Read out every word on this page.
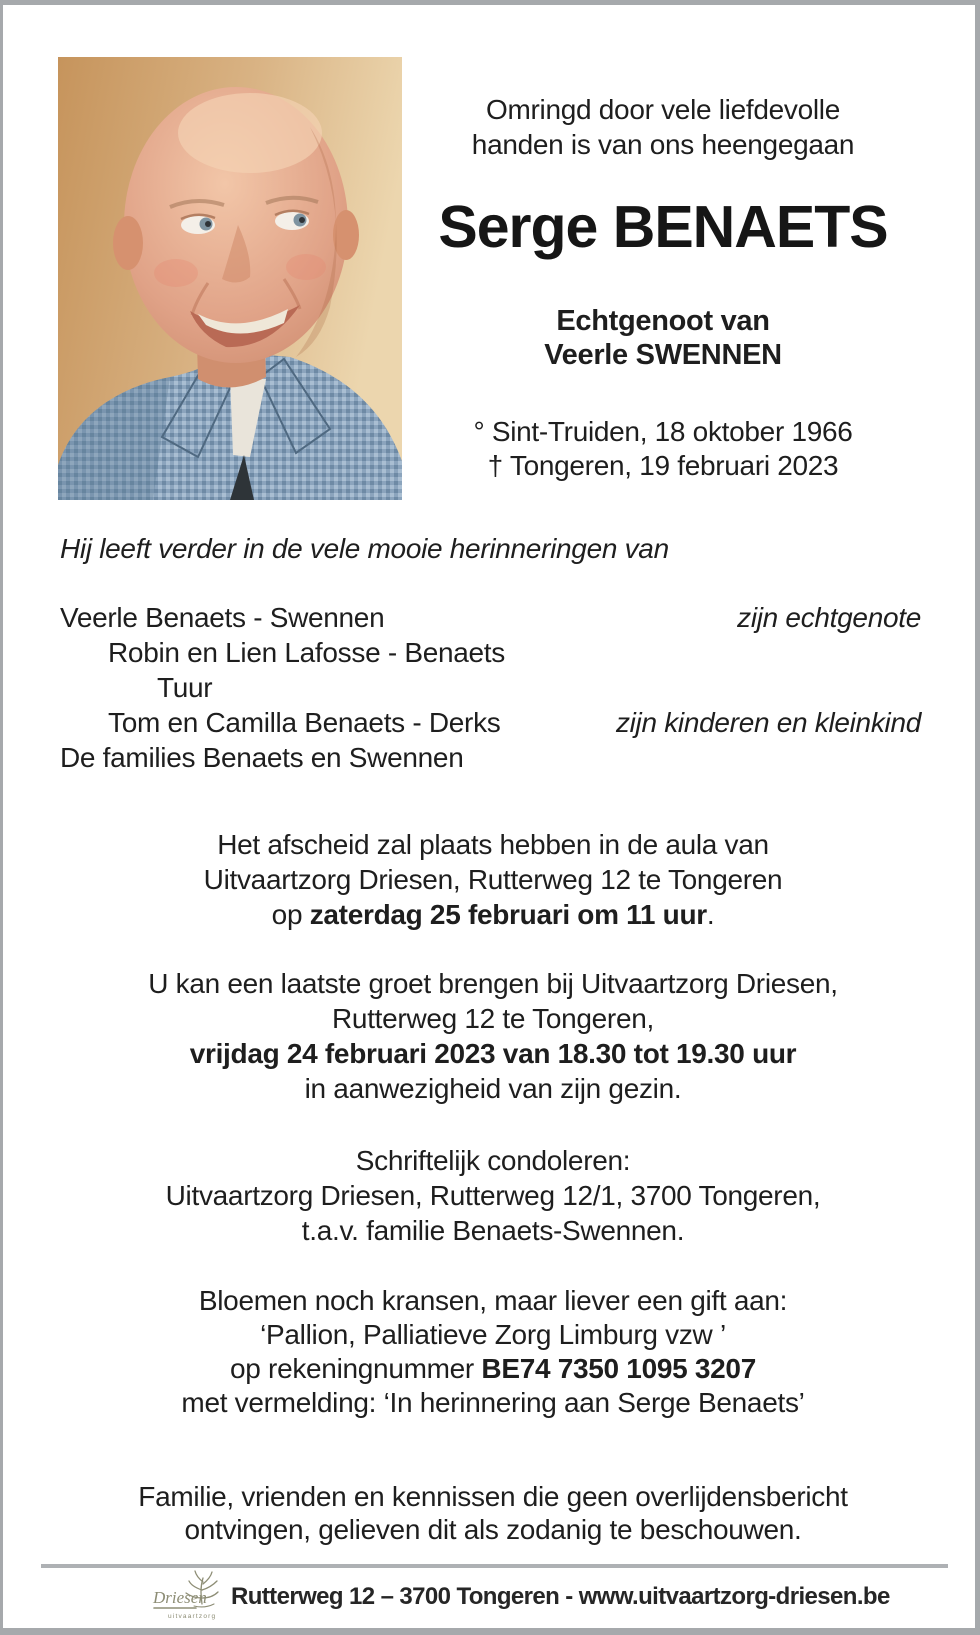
Omringd door vele liefdevolle
handen is van ons heengegaan
Serge BENAETS
Echtgenoot van
Veerle SWENNEN
° Sint-Truiden, 18 oktober 1966
† Tongeren, 19 februari 2023
Hij leeft verder in de vele mooie herinneringen van
Veerle Benaets - Swennen	zijn echtgenote
Robin en Lien Lafosse - Benaets
Tuur
Tom en Camilla Benaets - Derks	zijn kinderen en kleinkind
De families Benaets en Swennen
Het afscheid zal plaats hebben in de aula van
Uitvaartzorg Driesen, Rutterweg 12 te Tongeren
op zaterdag 25 februari om 11 uur.
U kan een laatste groet brengen bij Uitvaartzorg Driesen,
Rutterweg 12 te Tongeren,
vrijdag 24 februari 2023 van 18.30 tot 19.30 uur
in aanwezigheid van zijn gezin.
Schriftelijk condoleren:
Uitvaartzorg Driesen, Rutterweg 12/1, 3700 Tongeren,
t.a.v. familie Benaets-Swennen.
Bloemen noch kransen, maar liever een gift aan:
‘Pallion, Palliatieve Zorg Limburg vzw ’
op rekeningnummer BE74 7350 1095 3207
met vermelding: ‘In herinnering aan Serge Benaets’
Familie, vrienden en kennissen die geen overlijdensbericht
ontvingen, gelieven dit als zodanig te beschouwen.
Driesen
uitvaartzorg
Rutterweg 12 – 3700 Tongeren - www.uitvaartzorg-driesen.be
